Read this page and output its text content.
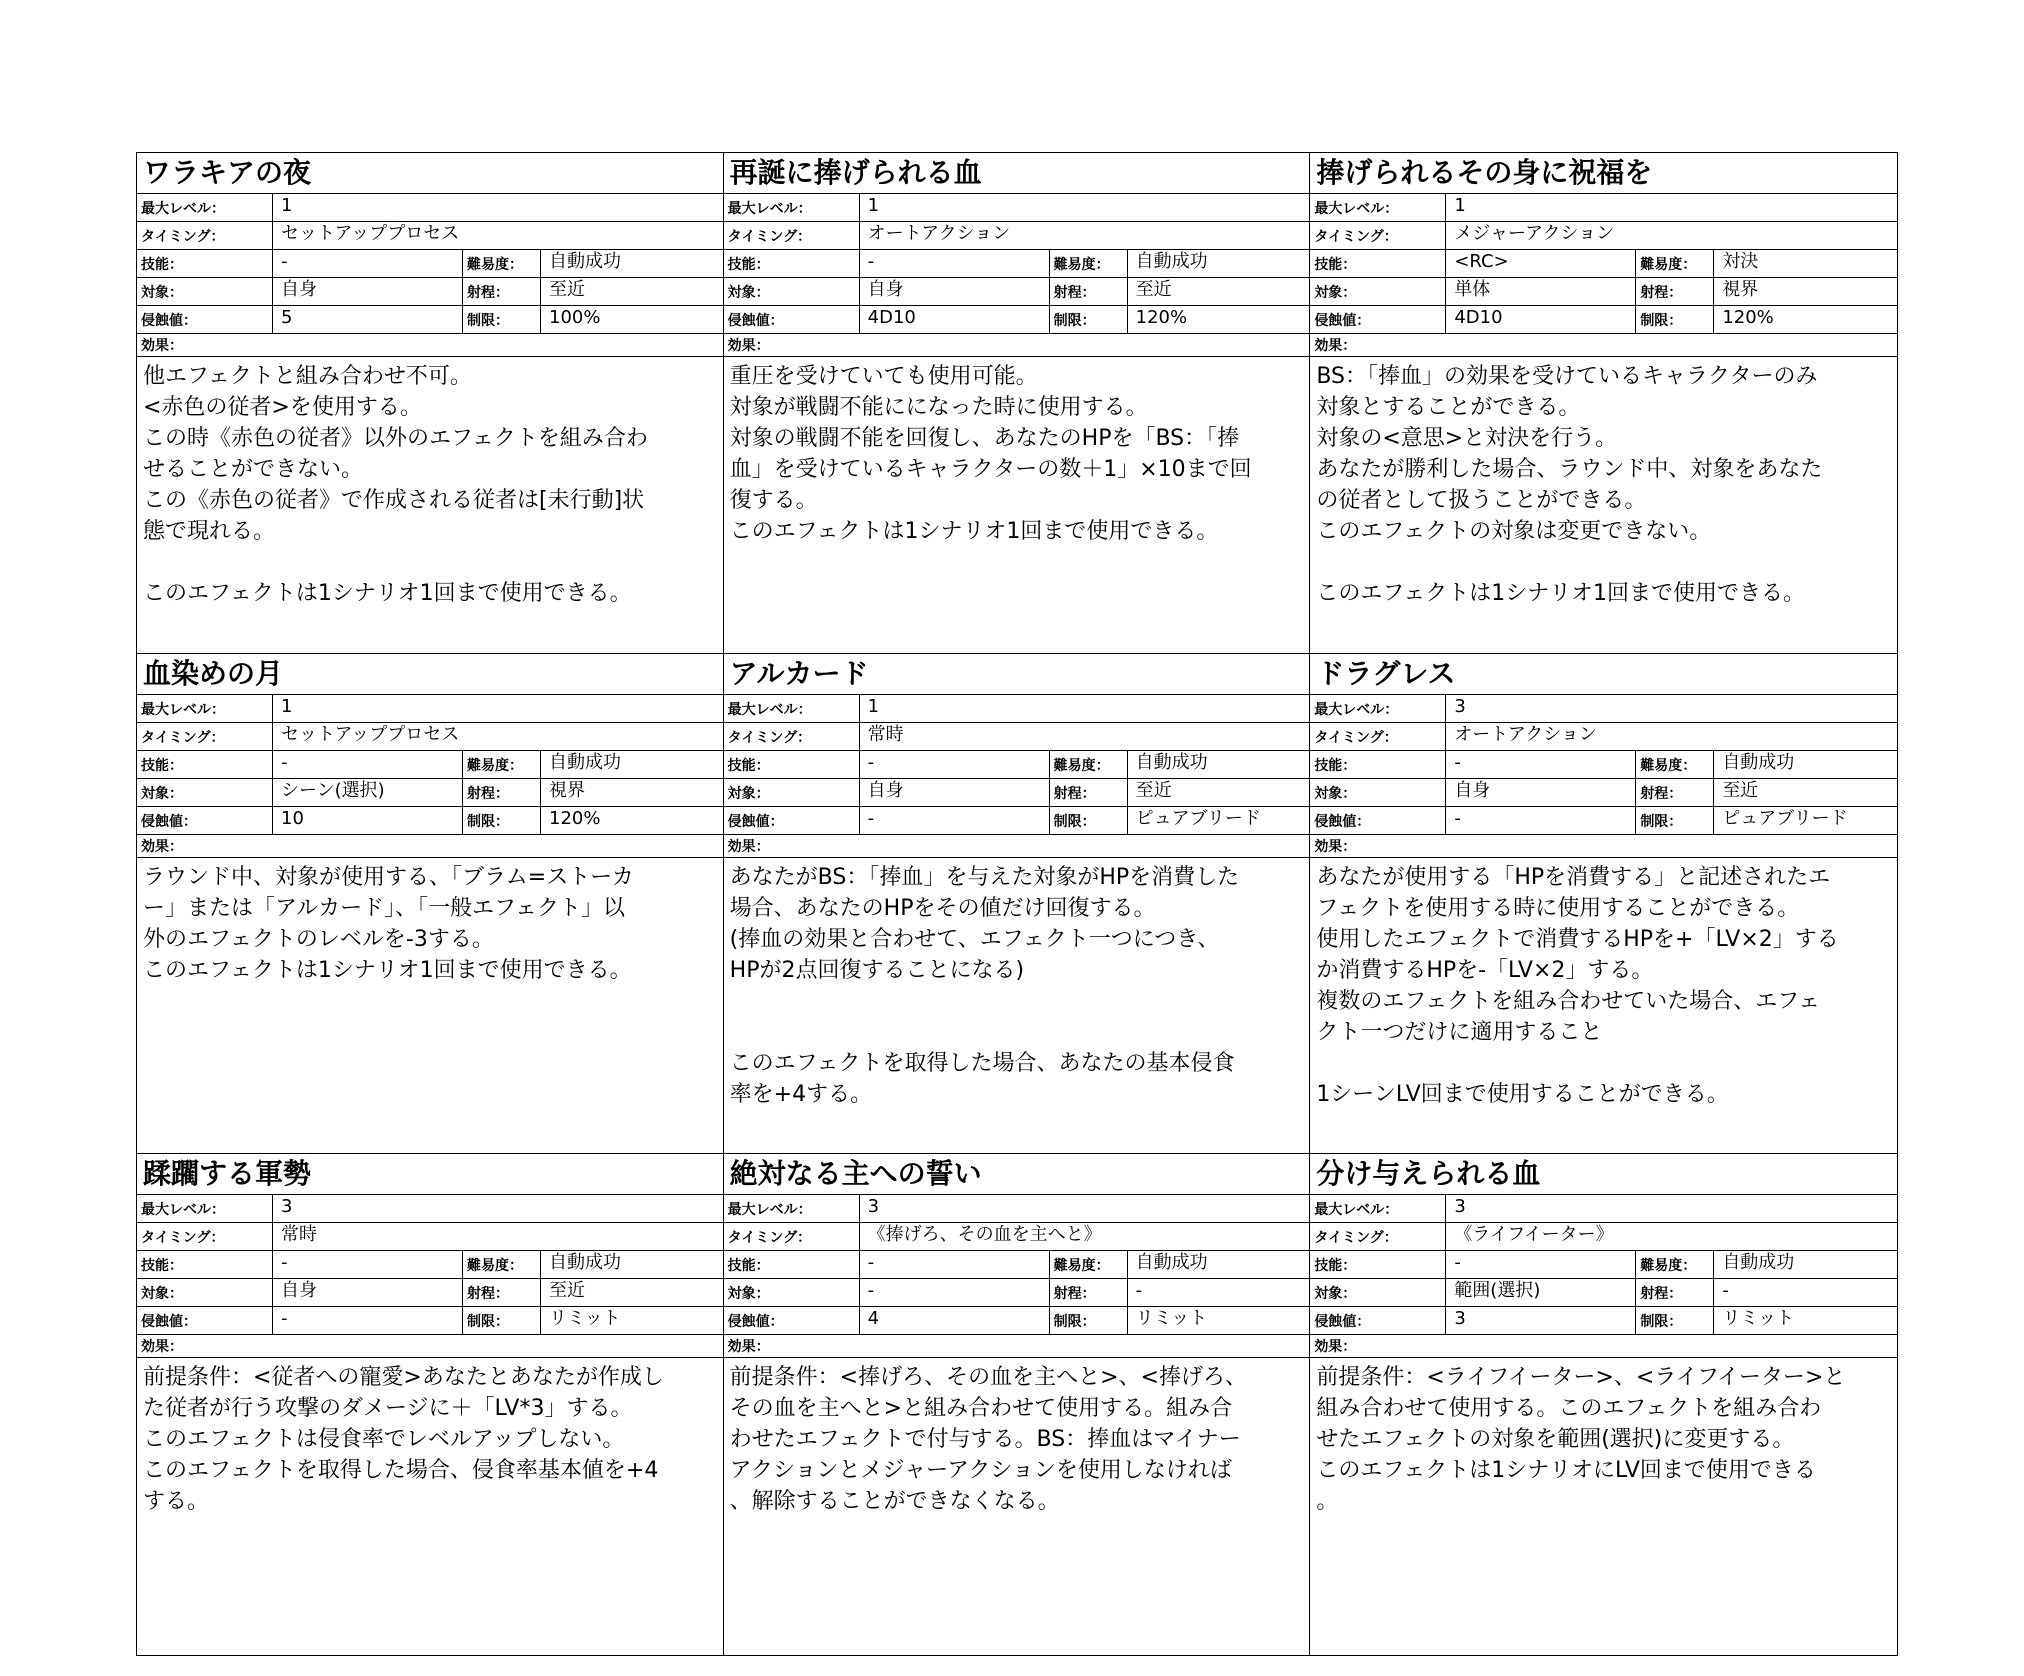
ワラキアの夜
最大レベル：	1
タイミング：	セットアッププロセス
技能：	-	難易度：	自動成功
対象：	自身	射程：	至近
侵蝕値：	5	制限：	100%
効果：

他エフェクトと組み合わせ不可。

<赤色の従者>を使用する。

この時《赤色の従者》以外のエフェクトを組み合わ

せることができない。

この《赤色の従者》で作成される従者は[未行動]状

態で現れる。

このエフェクトは1シナリオ1回まで使用できる。

再誕に捧げられる血
最大レベル：	1
タイミング：	オートアクション
技能：	-	難易度：	自動成功
対象：	自身	射程：	至近
侵蝕値：	4D10	制限：	120%
効果：

重圧を受けていても使用可能。

対象が戦闘不能にになった時に使用する。

対象の戦闘不能を回復し、あなたのHPを「BS：「捧

血」を受けているキャラクターの数＋1」×10まで回

復する。

このエフェクトは1シナリオ1回まで使用できる。

捧げられるその身に祝福を
最大レベル：	1
タイミング：	メジャーアクション
技能：	<RC>	難易度：	対決
対象：	単体	射程：	視界
侵蝕値：	4D10	制限：	120%
効果：

BS：「捧血」の効果を受けているキャラクターのみ

対象とすることができる。

対象の<意思>と対決を行う。

あなたが勝利した場合、ラウンド中、対象をあなた

の従者として扱うことができる。

このエフェクトの対象は変更できない。

このエフェクトは1シナリオ1回まで使用できる。

血染めの月
最大レベル：	1
タイミング：	セットアッププロセス
技能：	-	難易度：	自動成功
対象：	シーン(選択)	射程：	視界
侵蝕値：	10	制限：	120%
効果：

ラウンド中、対象が使用する、「ブラム=ストーカ

ー」または「アルカード」、「一般エフェクト」以

外のエフェクトのレベルを-3する。

このエフェクトは1シナリオ1回まで使用できる。

アルカード
最大レベル：	1
タイミング：	常時
技能：	-	難易度：	自動成功
対象：	自身	射程：	至近
侵蝕値：	-	制限：	ピュアブリード
効果：

あなたがBS：「捧血」を与えた対象がHPを消費した

場合、あなたのHPをその値だけ回復する。

(捧血の効果と合わせて、エフェクト一つにつき、

HPが2点回復することになる)

このエフェクトを取得した場合、あなたの基本侵食

率を+4する。

ドラグレス
最大レベル：	3
タイミング：	オートアクション
技能：	-	難易度：	自動成功
対象：	自身	射程：	至近
侵蝕値：	-	制限：	ピュアブリード
効果：

あなたが使用する「HPを消費する」と記述されたエ

フェクトを使用する時に使用することができる。

使用したエフェクトで消費するHPを+「LV×2」する

か消費するHPを-「LV×2」する。

複数のエフェクトを組み合わせていた場合、エフェ

クト一つだけに適用すること

1シーンLV回まで使用することができる。

蹂躙する軍勢
最大レベル：	3
タイミング：	常時
技能：	-	難易度：	自動成功
対象：	自身	射程：	至近
侵蝕値：	-	制限：	リミット
効果：

前提条件：<従者への寵愛>あなたとあなたが作成し

た従者が行う攻撃のダメージに＋「LV*3」する。

このエフェクトは侵食率でレベルアップしない。

このエフェクトを取得した場合、侵食率基本値を+4

する。

絶対なる主への誓い
最大レベル：	3
タイミング：	《捧げろ、その血を主へと》
技能：	-	難易度：	自動成功
対象：	-	射程：	-
侵蝕値：	4	制限：	リミット
効果：

前提条件：<捧げろ、その血を主へと>、<捧げろ、

その血を主へと>と組み合わせて使用する。組み合

わせたエフェクトで付与する。BS：捧血はマイナー

アクションとメジャーアクションを使用しなければ

、解除することができなくなる。

分け与えられる血
最大レベル：	3
タイミング：	《ライフイーター》
技能：	-	難易度：	自動成功
対象：	範囲(選択)	射程：	-
侵蝕値：	3	制限：	リミット
効果：

前提条件：<ライフイーター>、<ライフイーター>と

組み合わせて使用する。このエフェクトを組み合わ

せたエフェクトの対象を範囲(選択)に変更する。

このエフェクトは1シナリオにLV回まで使用できる

。
